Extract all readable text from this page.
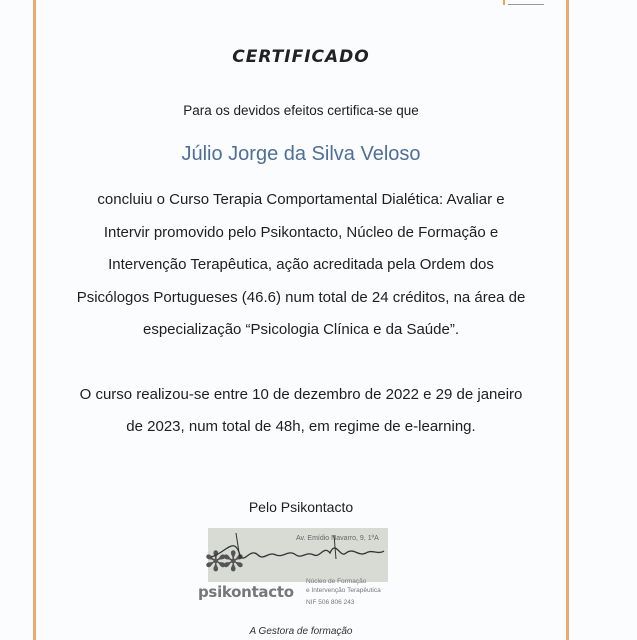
CERTIFICADO
Para os devidos efeitos certifica-se que
Júlio Jorge da Silva Veloso
concluiu o Curso Terapia Comportamental Dialética: Avaliar e
Intervir promovido pelo Psikontacto, Núcleo de Formação e
Intervenção Terapêutica, ação acreditada pela Ordem dos
Psicólogos Portugueses (46.6) num total de 24 créditos, na área de
especialização “Psicologia Clínica e da Saúde”.
O curso realizou-se entre 10 de dezembro de 2022 e 29 de janeiro
de 2023, num total de 48h, em regime de e-learning.
Pelo Psikontacto
Av. Emídio Navarro, 9, 1ºA
✻✻
psikontacto
Núcleo de Formação
e Intervenção Terapêutica
NIF 506 806 243
A Gestora de formação
